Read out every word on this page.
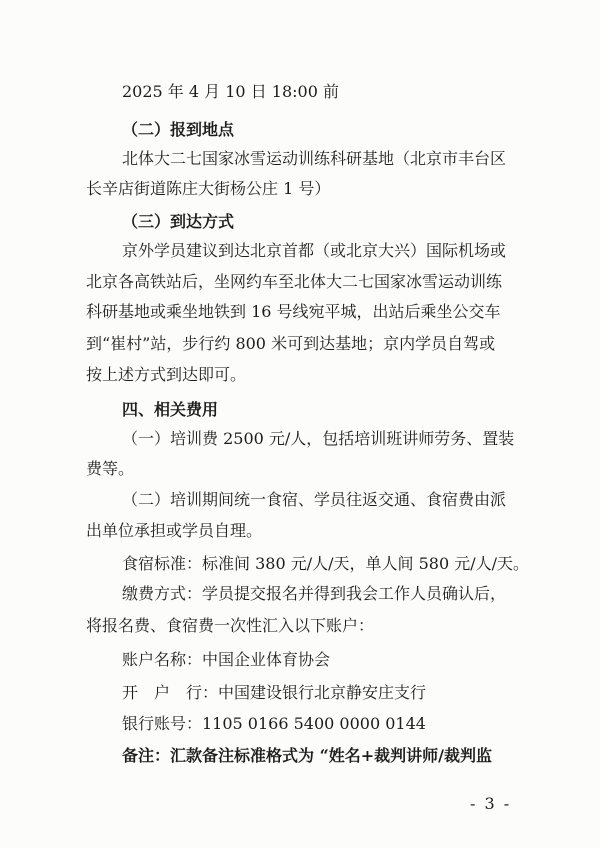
2025 年 4 月 10 日 18:00 前
（二）报到地点
北体大二七国家冰雪运动训练科研基地（北京市丰台区
长辛店街道陈庄大街杨公庄 1 号）
（三）到达方式
京外学员建议到达北京首都（或北京大兴）国际机场或
北京各高铁站后，坐网约车至北体大二七国家冰雪运动训练
科研基地或乘坐地铁到 16 号线宛平城，出站后乘坐公交车
到“崔村”站，步行约 800 米可到达基地；京内学员自驾或
按上述方式到达即可。
四、相关费用
（一）培训费 2500 元/人，包括培训班讲师劳务、置装
费等。
（二）培训期间统一食宿、学员往返交通、食宿费由派
出单位承担或学员自理。
食宿标准：标准间 380 元/人/天，单人间 580 元/人/天。
缴费方式：学员提交报名并得到我会工作人员确认后，
将报名费、食宿费一次性汇入以下账户：
账户名称：中国企业体育协会
开　户　行：中国建设银行北京静安庄支行
银行账号：1105 0166 5400 0000 0144
备注：汇款备注标准格式为 “姓名+裁判讲师/裁判监
- 3 -
